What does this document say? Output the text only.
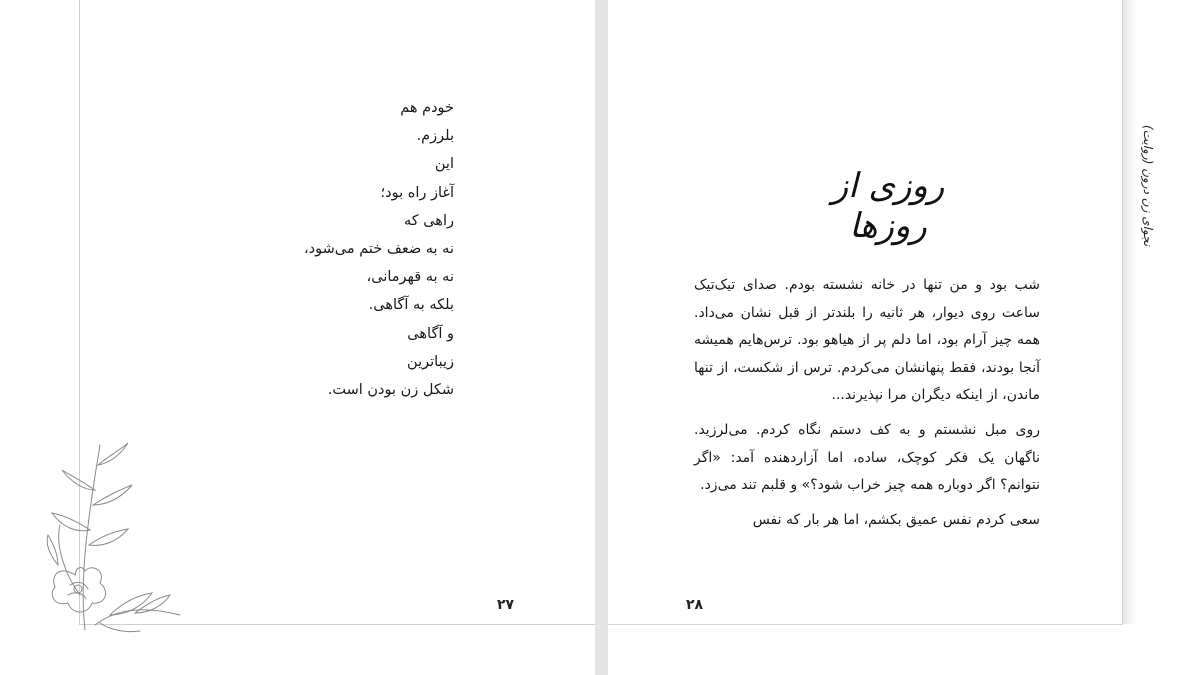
خودم هم
بلرزم.
این
آغاز راه بود؛
راهی که
نه به ضعف ختم می‌شود،
نه به قهرمانی،
بلکه به آگاهی.
و آگاهی
زیباترین
شکل زن بودن است.
۲۷
نجوای زن درون (روایت)
روزی از روزها

شب بود و من تنها در خانه نشسته بودم. صدای تیک‌تیک ساعت روی دیوار، هر ثانیه را بلندتر از قبل نشان می‌داد. همه چیز آرام بود، اما دلم پر از هیاهو بود. ترس‌هایم همیشه آنجا بودند، فقط پنهانشان می‌کردم. ترس از شکست، از تنها ماندن، از اینکه دیگران مرا نپذیرند...

روی مبل نشستم و به کف دستم نگاه کردم. می‌لرزید. ناگهان یک فکر کوچک، ساده، اما آزاردهنده آمد: «اگر نتوانم؟ اگر دوباره همه چیز خراب شود؟» و قلبم تند می‌زد.

سعی کردم نفس عمیق بکشم، اما هر بار که نفس

۲۸
